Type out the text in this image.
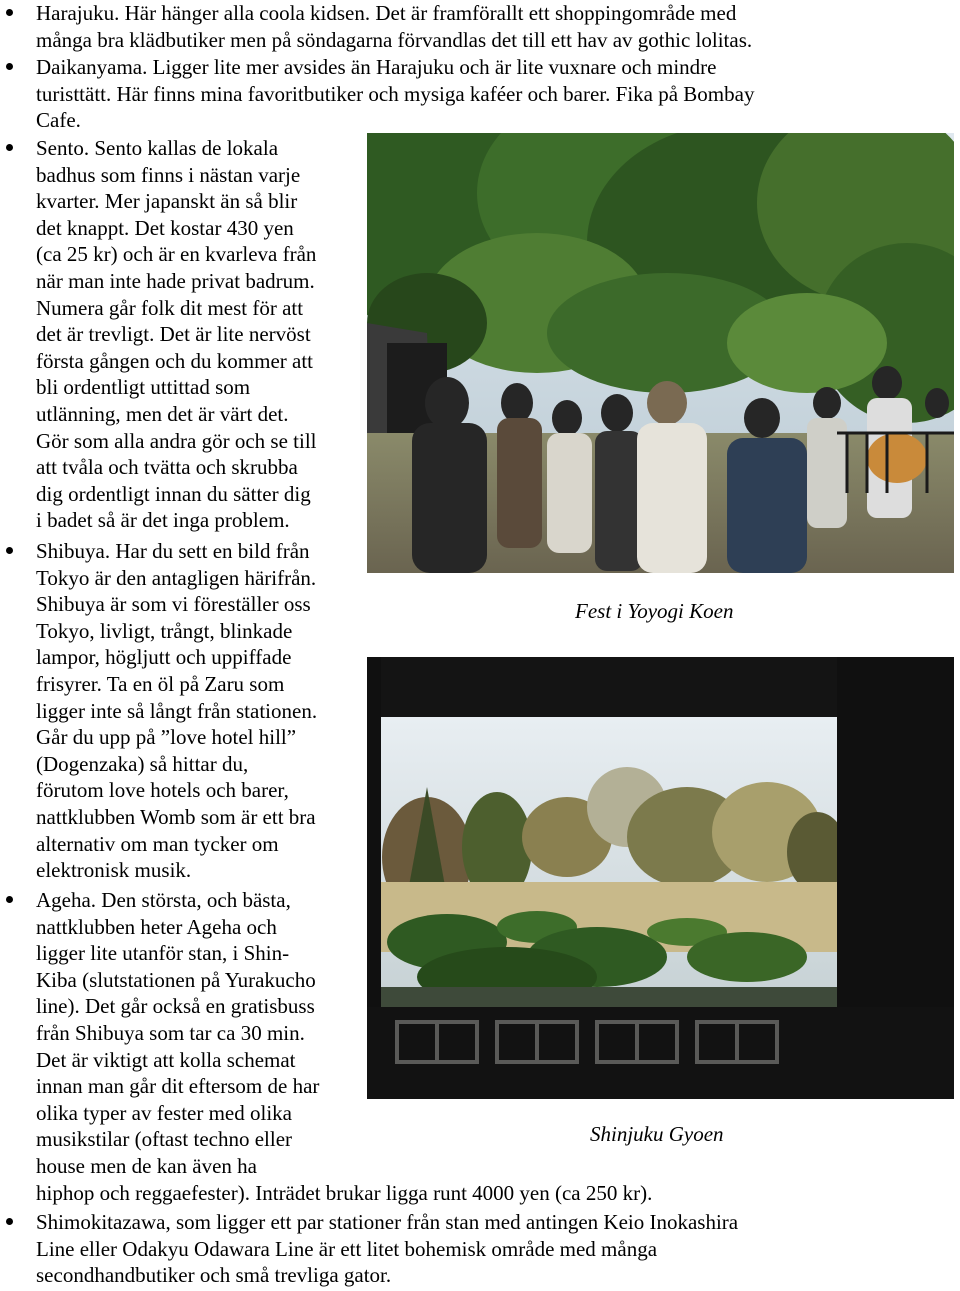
Harajuku. Här hänger alla coola kidsen. Det är framförallt ett shoppingområde med
många bra klädbutiker men på söndagarna förvandlas det till ett hav av gothic lolitas.
Daikanyama. Ligger lite mer avsides än Harajuku och är lite vuxnare och mindre
turisttätt. Här finns mina favoritbutiker och mysiga kaféer och barer. Fika på Bombay
Cafe.
Sento. Sento kallas de lokala
badhus som finns i nästan varje
kvarter. Mer japanskt än så blir
det knappt. Det kostar 430 yen
(ca 25 kr) och är en kvarleva från
när man inte hade privat badrum.
Numera går folk dit mest för att
det är trevligt. Det är lite nervöst
första gången och du kommer att
bli ordentligt uttittad som
utlänning, men det är värt det.
Gör som alla andra gör och se till
att tvåla och tvätta och skrubba
dig ordentligt innan du sätter dig
i badet så är det inga problem.
Shibuya. Har du sett en bild från
Tokyo är den antagligen härifrån.
Shibuya är som vi föreställer oss
Tokyo, livligt, trångt, blinkade
lampor, högljutt och uppiffade
frisyrer. Ta en öl på Zaru som
ligger inte så långt från stationen.
Går du upp på ”love hotel hill”
(Dogenzaka) så hittar du,
förutom love hotels och barer,
nattklubben Womb som är ett bra
alternativ om man tycker om
elektronisk musik.
Ageha. Den största, och bästa,
nattklubben heter Ageha och
ligger lite utanför stan, i Shin-
Kiba (slutstationen på Yurakucho
line). Det går också en gratisbuss
från Shibuya som tar ca 30 min.
Det är viktigt att kolla schemat
innan man går dit eftersom de har
olika typer av fester med olika
musikstilar (oftast techno eller
house men de kan även ha
hiphop och reggaefester). Inträdet brukar ligga runt 4000 yen (ca 250 kr).
Shimokitazawa, som ligger ett par stationer från stan med antingen Keio Inokashira
Line eller Odakyu Odawara Line är ett litet bohemisk område med många
secondhandbutiker och små trevliga gator.
Fest i Yoyogi Koen
Shinjuku Gyoen
